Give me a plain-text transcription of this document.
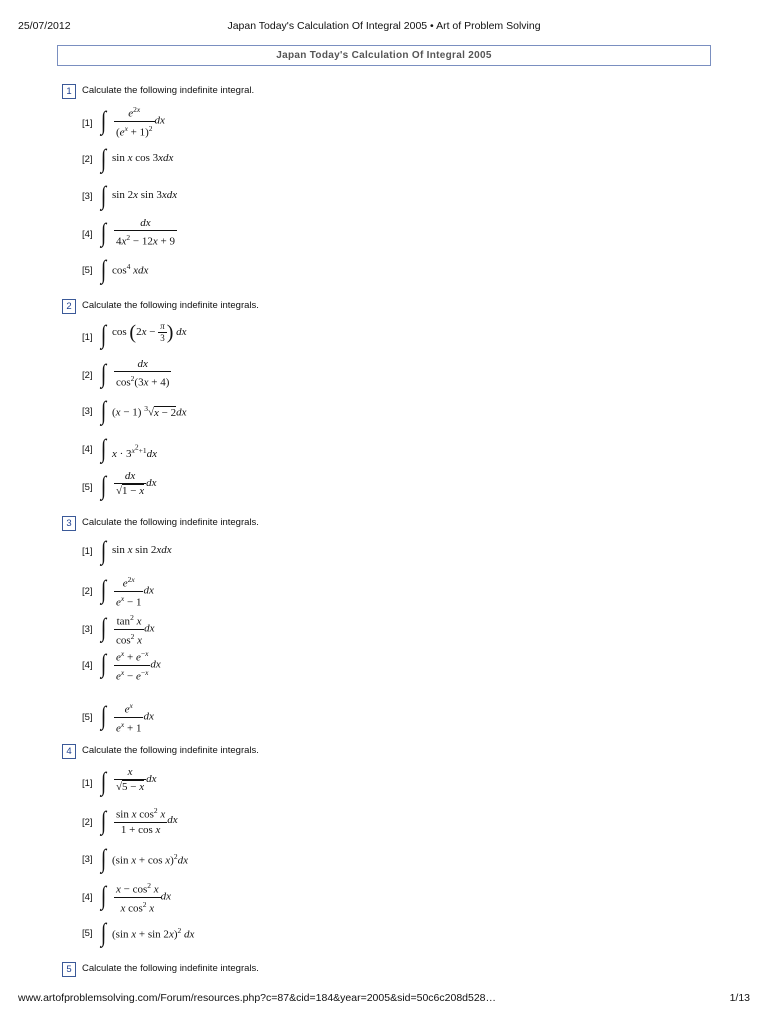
25/07/2012	Japan Today's Calculation Of Integral 2005 • Art of Problem Solving
Japan Today's Calculation Of Integral 2005
1	Calculate the following indefinite integral.
[1] ∫ $\frac{e^{2x}}{(e^x + 1)^2}$ dx
[2] ∫ sin x cos 3xdx
[3] ∫ sin 2x sin 3xdx
[4] ∫ $\frac{dx}{4x^2 - 12x + 9}$
[5] ∫ $\cos^4$ xdx
2	Calculate the following indefinite integrals.
[1] ∫ $\cos (2x - \frac{\pi}{3}$ ) dx
[2] ∫ $\frac{dx}{\cos^2(3x + 4)}$
[3] ∫ (x − 1) $^3$√x − 2dx
[4] ∫ $x \cdot 3^{x^2+1}dx$
[5] ∫ $\frac{dx}{√1 - x}$ dx
3	Calculate the following indefinite integrals.
[1] ∫ sin x sin 2xdx
[2] ∫ $\frac{e^{2x}}{e^x - 1}$ dx
[3] ∫ $\frac{\tan^2 x}{\cos^2 x}$ dx
[4] ∫ $\frac{e^x + e^{-x}}{e^x - e^{-x}}$ dx
[5] ∫ $\frac{e^x}{e^x + 1}$ dx
4	Calculate the following indefinite integrals.
[1] ∫ $\frac{x}{√5 - x}$ dx
[2] ∫ $\frac{\sin x \cos^2 x}{\text{1 + cos x}}$ dx
[3] ∫ (sin x + cos x)$^2$dx
[4] ∫ $\frac{x - \cos^2 x}{x \cos^2 x}$ dx
[5] ∫ (sin x + sin 2x)$^2$ dx
5	Calculate the following indefinite integrals.
www.artofproblemsolving.com/Forum/resources.php?c=87&cid=184&year=2005&sid=50c6c208d528…	1/13
